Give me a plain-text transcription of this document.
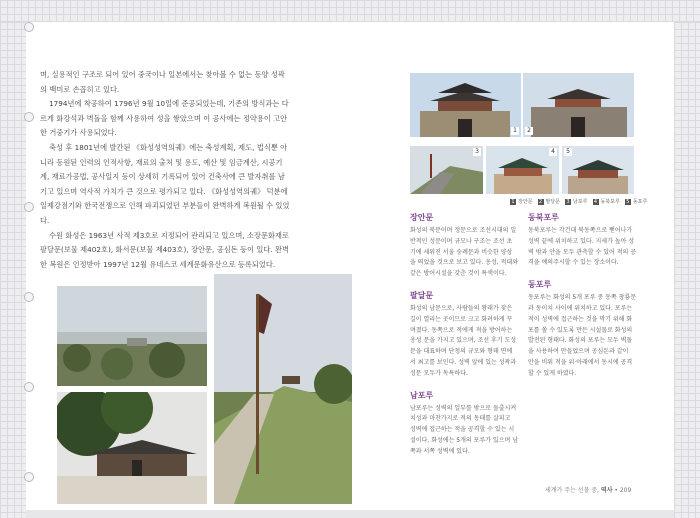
며, 실용적인 구조로 되어 있어 중국이나 일본에서는 찾아볼 수 없는 동양 성곽의 백미로 손꼽히고 있다.

1794년에 착공하여 1796년 9월 10일에 준공되었는데, 기존의 방식과는 다르게 화강석과 벽돌을 함께 사용하여 성을 쌓았으며 이 공사에는 정약용이 고안한 거중기가 사용되었다.

축성 후 1801년에 발간된 《화성성역의궤》에는 축성계획, 제도, 법식뿐 아니라 동원된 인력의 인적사항, 재료의 출처 및 용도, 예산 및 임금계산, 시공기계, 재료가공법, 공사일지 등이 상세히 기록되어 있어 건축사에 큰 발자취를 남기고 있으며 역사적 가치가 큰 것으로 평가되고 있다. 《화성성역의궤》 덕분에 일제강점기와 한국전쟁으로 인해 파괴되었던 부분들이 완벽하게 복원될 수 있었다.

수원 화성은 1963년 사적 제3호로 지정되어 관리되고 있으며, 소장문화재로 팔달문(보물 제402호), 화서문(보물 제403호), 장안문, 공심돈 등이 있다. 완벽한 복원은 인정받아 1997년 12월 유네스코 세계문화유산으로 등록되었다.

1	2
3	4	5
1 장안문 2 팔달문 3 남포루 4 동북포루 5 동포루
장안문

화성의 북문이며 정문으로 조선시대의 일반적인 성문이며 규모나 구조는 조선 초기에 세워진 서울 숭례문과 비슷한 양상을 띄었을 것으로 보고 있다. 옹성, 적대와 같은 방어시설을 갖춘 것이 특색이다.

팔달문

화성의 남문으로, 사람들의 왕래가 잦은 길이 열리는 곳이므로 크고 화려하게 꾸며졌다. 동쪽으로 적에게 적을 방어하는 옹성 문을 가지고 있으며, 조선 후기 도성 문을 대표하며 단청의 규모와 형태 면에서 최고를 보인다. 성벽 앞에 있는 성곽과 성문 모두가 독특하다.

남포루

남포루는 성벽의 일부를 밖으로 돌출시켜 치성과 마찬가지로 적의 동태를 살피고 성벽에 접근하는 적을 공격할 수 있는 시설이다. 화성에는 5개의 포루가 있으며 남쪽과 서쪽 성벽에 있다.

동북포루

동북포루는 각건대 북동쪽으로 뻗어나가 성벽 끝에 위치하고 있다. 지세가 높아 성벽 밖과 안을 모두 관측할 수 있어 적의 공격을 예의주시할 수 있는 장소이다.

동포루

동포루는 화성의 5개 포루 중 동쪽 창룡문과 동이치 사이에 위치하고 있다. 포루는 적이 성벽에 접근하는 것을 막기 위해 화포를 쏠 수 있도록 만든 시설물로 화성의 발전된 형태다. 화성의 포루는 모두 벽돌을 사용하여 만들었으며 공심돈과 같이 안을 비워 적을 위·아래에서 동시에 공격할 수 있게 하였다.

세계가 주는 선물 중, 역사 • 209
